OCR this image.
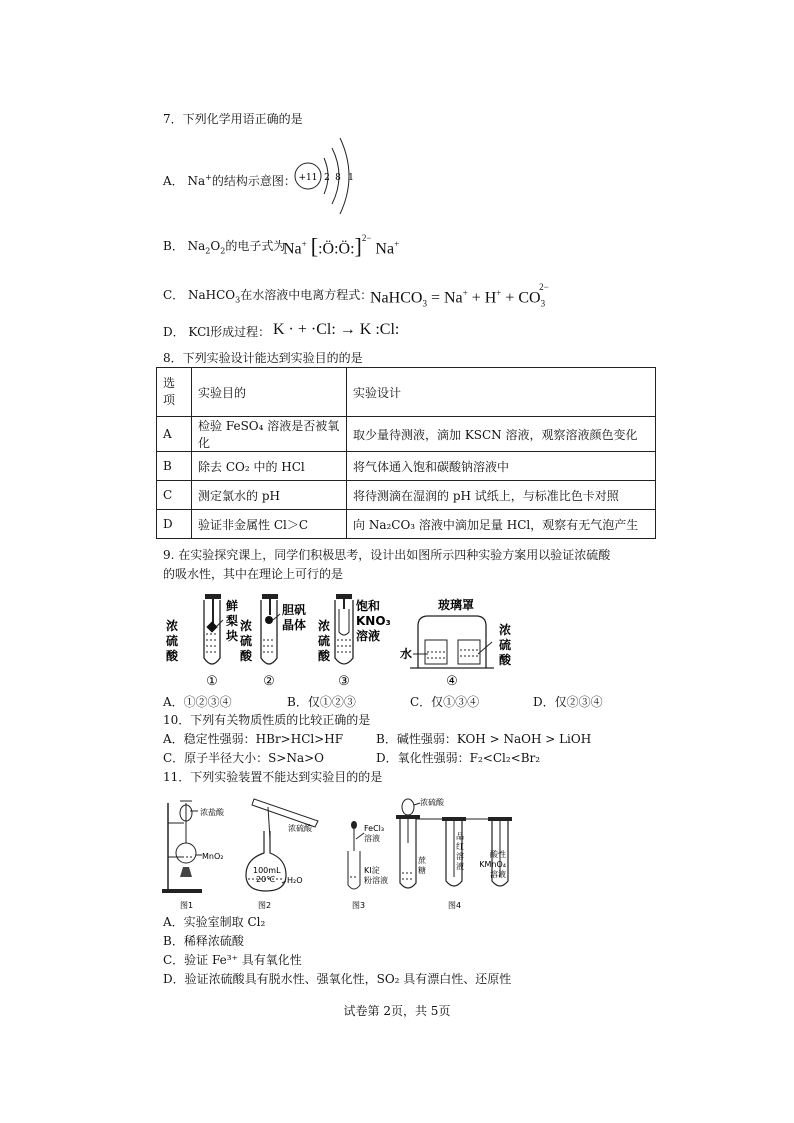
7．下列化学用语正确的是
A． Na+的结构示意图： +11 2 8 1
B． $Na_2O_2$的电子式为
Na+ [:Ö:Ö:]$^{2-}$ Na+
C． NaHCO$_3$在水溶液中电离方程式：
NaHCO$_3$ = $Na^+ + H^+ + CO_3^{2-}$
D． KCl形成过程： K · + ·Cl: → K :Cl:
8．下列实验设计能达到实验目的的是
选
项	实验目的	实验设计
A	检验 FeSO₄ 溶液是否被氧化	取少量待测液，滴加 KSCN 溶液，观察溶液颜色变化
B	除去 CO₂ 中的 HCl	将气体通入饱和碳酸钠溶液中
C	测定氯水的 pH	将待测滴在湿润的 pH 试纸上，与标准比色卡对照
D	验证非金属性 Cl＞C	向 Na₂CO₃ 溶液中滴加足量 HCl，观察有无气泡产生
9. 在实验探究课上，同学们积极思考，设计出如图所示四种实验方案用以验证浓硫酸
的吸水性，其中在理论上可行的是
浓
硫
酸
鲜
梨
块
①
浓
硫
酸
胆矾
晶体
②
浓
硫
酸
饱和
KNO₃
溶液
③
玻璃罩
水
浓
硫
酸
④
A．①②③④	B．仅①②③	C．仅①③④	D．仅②③④
10．下列有关物质性质的比较正确的是
A．稳定性强弱：HBr>HCl>HF	B．碱性强弱：KOH > NaOH > LiOH
C．原子半径大小：S>Na>O	D．氧化性强弱：F₂<Cl₂<Br₂
11．下列实验装置不能达到实验目的的是
浓盐酸
MnO₂
图1
浓硫酸
100mL
20℃ H₂O
图2
FeCl₃
溶液
KI淀
粉溶液
图3
浓硫酸
蔗
糖
品
红
溶
液
酸性
KMnO₄
溶液
图4
A．实验室制取 Cl₂
B．稀释浓硫酸
C．验证 Fe³⁺ 具有氧化性
D．验证浓硫酸具有脱水性、强氧化性，SO₂ 具有漂白性、还原性
试卷第 2页，共 5页
